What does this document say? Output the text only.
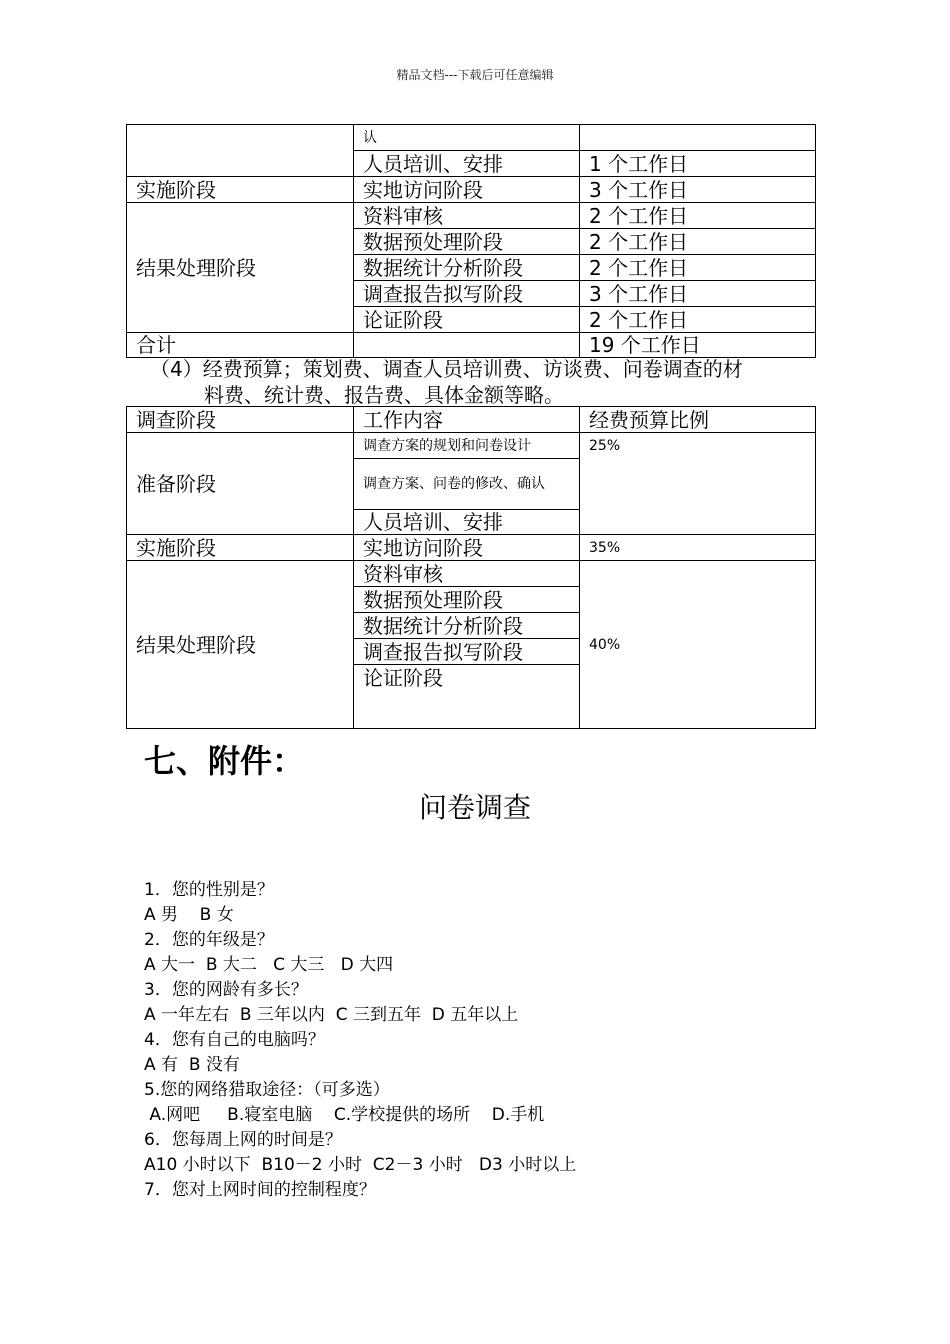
精品文档---下载后可任意编辑
	认	
	人员培训、安排	1 个工作日
实施阶段	实地访问阶段	3 个工作日
结果处理阶段	资料审核	2 个工作日
	数据预处理阶段	2 个工作日
	数据统计分析阶段	2 个工作日
	调查报告拟写阶段	3 个工作日
	论证阶段	2 个工作日
合计		19 个工作日
（4）经费预算；策划费、调查人员培训费、访谈费、问卷调查的材
料费、统计费、报告费、具体金额等略。
调查阶段	工作内容	经费预算比例
准备阶段	调查方案的规划和问卷设计	25%
	调查方案、问卷的修改、确认	
	人员培训、安排	
实施阶段	实地访问阶段	35%
结果处理阶段	资料审核	40%
	数据预处理阶段	
	数据统计分析阶段	
	调查报告拟写阶段	
	论证阶段	
七、附件：
问卷调查
1．您的性别是？
A 男    B 女
2．您的年级是？
A 大一  B 大二   C 大三   D 大四
3．您的网龄有多长？
A 一年左右  B 三年以内  C 三到五年  D 五年以上
4．您有自己的电脑吗？
A 有  B 没有
5.您的网络猎取途径：（可多选）
A.网吧     B.寝室电脑    C.学校提供的场所    D.手机
6．您每周上网的时间是？
A10 小时以下  B10－2 小时  C2－3 小时   D3 小时以上
7．您对上网时间的控制程度？
